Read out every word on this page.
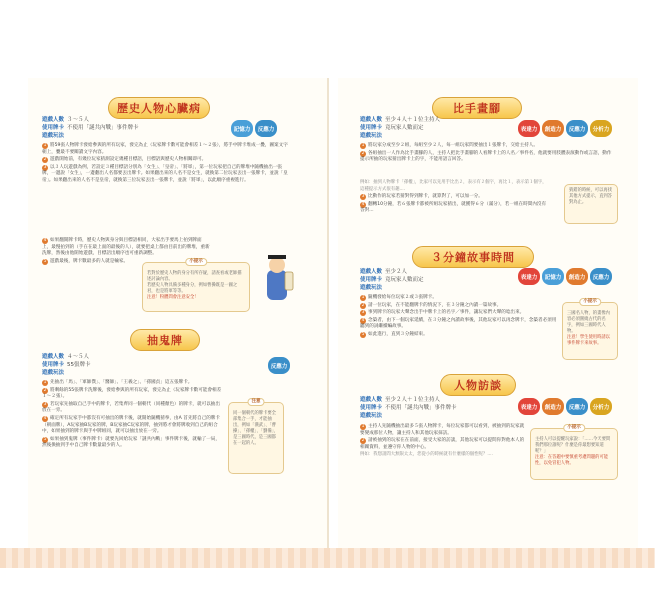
歷史人物心臟病
遊戲人數 ３～５人
使用牌卡 不使用「謎共內戰」事件牌卡
遊戲玩法
記憶力	反應力
1 將59張人物牌卡發給參與的所有玩家，發完為止（玩家牌卡數可能會相差１～２張），將手中牌卡堆成一疊，圖案文字朝上，疊最不要關讀文字內容。
2 遊戲開始前，有幾位玩家猜測設定幾種目標語，目標語與歷史人物相關即可。
3 以３人玩遊戲為例，若設定３種目標語分別為「女生」、「皇帝」、「將軍」，第一位玩家把自己的牌堆中隨機抽出一張牌，一邊說「女生」，一邊翻出人名都要丟出牌卡。如果翻出來的人名不是女生，就換第二位玩家丟出一張牌卡，並說「皇帝」。如果翻出來的人名不是皇帝，就換第三位玩家丟出一張牌卡，並說「將軍」，以此順序重複進行。
4 如果翻開牌卡時，歷史人物與身分與目標語相同，大家出手要馬上拍到牌面上，最慢拍到的（手在在最上面的最後的人），就要把桌上都由目前出的牌堆，重新洗牌，然後由他開始遊戲，目標語出順序也可重新調整。
5 遊戲最後，牌卡數最多的人就是輸家。	小提示
若對於歷史人物的身分有所存疑，請查看或老師描述討論內容。
若歷史人物具備多種身分，例如曹操既是一國之君，也是將軍等等。
注意！粉體問會注意安全！
抽鬼牌
遊戲人數 ４～５人
使用牌卡 55張牌卡
遊戲玩法
反應力
1 先抽出「馬」、「軍師僕」、「醫師」、「王羲之」、「孫國貞」這五張牌卡。
2 將剩餘的55張牌卡洗牌後，發給參與的所有玩家，發完為止（玩家牌卡數可能會相差１～２張）。
3 若玩家先抽取自己手中的牌卡，若集齊同一個朝代（同種顏色）的牌卡，就可以抽出放在一旁。
4 確定所有玩家手中都沒有可抽出的牌卡後，就開始隨機猜拳，由A 首先將自己的牌卡（朝面牌），A玩家抽B玩家的牌，B玩家抽C玩家的牌，抽到將才會將牌收到自己的組合中，如果抽到的牌卡與手中牌組同，就可以抽出放在一旁。
5 如果抽到鬼牌（事件牌卡）就要先回給玩家「謎共內戰」事件牌卡後，就輸了一局，然後換抽到手中自己牌卡數量最少的人。
注意
同一個朝代的牌卡要全部集合一手，才能抽出，例如「漢武」、「曹操」、「孫權」、「劉備」，是三國時代，是三國都在一起的人。
比手畫腳
遊戲人數 至少４人＋１位主持人
使用牌卡 竟玩家人數而定
遊戲玩法
表達力	創造力	反應力	分析力
1 將玩家分成至少２組，每組至少２人，每一組玩家問要抽出１張牌卡，交給主持人。
2 各組抽出一人作為比手畫腳的人，主持人把比手畫腳的人看牌卡上的人名／事件名，他就要用肢體表演動作或言語，動作提示所抽的玩家猜出牌卡上的字，不能用語言回答。
例如：抽到人物牌卡「孫權」，比家可以先用手比出２，表示有２個字，再比１，表示第１個字，這種提示方式很有趣....
3 比動作的玩家若猜對得到牌卡，就算對了，可以加一分。
4 翻轉10分鐘，若６張牌卡都被所組玩家猜出，就獲得６分（滿分），若一組在時間內沒有答對...
猜錯的時候，可以再找其他方式提示，直到答對為止。
３分鐘故事時間
遊戲人數 至少２人
使用牌卡 竟玩家人數而定
遊戲玩法
表達力	記憶力	創造力	反應力
1 隨機發給每位玩家２或３張牌卡。
2 請一位玩家，在不能翻牌卡的情況下，在３分鐘之內讀一篇故事。
3 事到牌卡的玩家大聲念出手中牌卡上的名字／事件，讓玩家們大聲的唸出來。
4 念築者，由下一個玩家延續，在３分鐘之內讀故事後，其他玩家可以再念牌卡，念築者必須用聽到的詞繼續編故事。
5 如此進行，直到３分鐘結束。
小提示
三國名人物，的畫像內容必須圍繞古代的名字，例如三國時代人物。
注意！學生使用時請以事件牌卡來故事。
人物訪談
遊戲人數 至少２人＋１位主持人
使用牌卡 不使用「謎共內戰」事件牌卡
遊戲玩法
表達力	創造力	反應力	分析力
1 主持人先隨機抽出最多５張人物牌卡，每位玩家都可以看到，被抽到的玩家就要變成那位人物，讓主持人和其他玩家採訪。
2 請被抽到的玩家在在前面，接受大家的訪談，其他玩家可以提問你對他本人的相關資料，並遵守你人物的中心。
例如：我想請問大無限太太，您從小的時候就有什麼樣的個性呢？....
小提示
主持人可以提醒玩家說：「……今天要問我們那位誰呢？什麼是你最想要知道呢？」
注意：在答題中要慎重考慮問題的可能性，以免冒犯人物。
